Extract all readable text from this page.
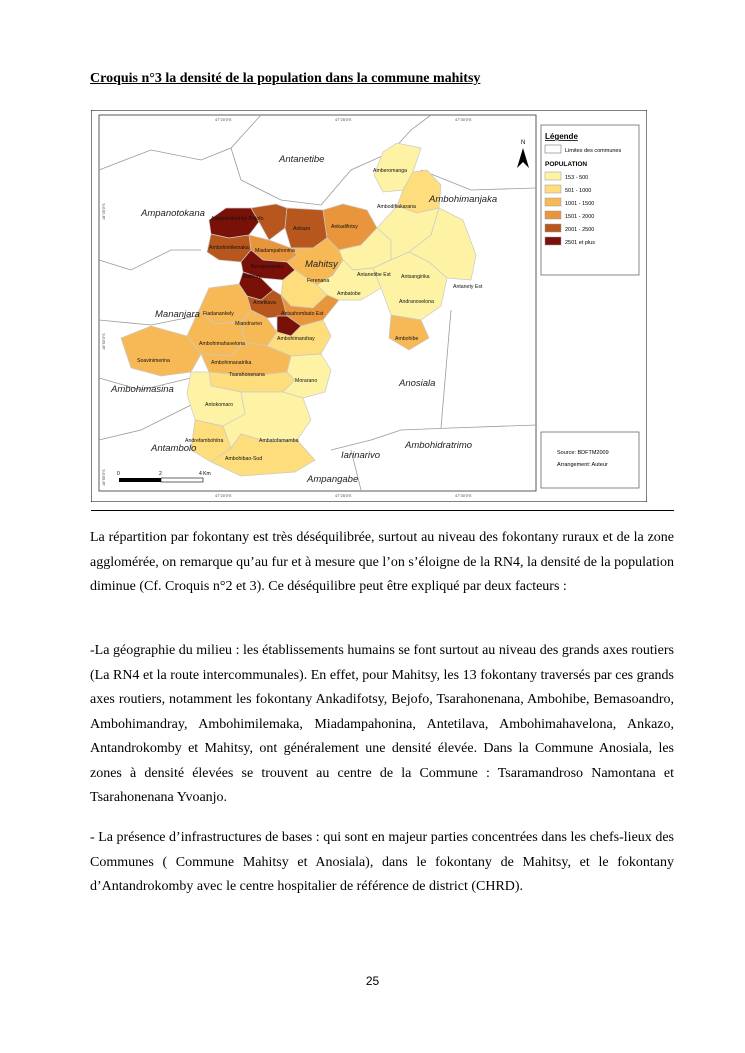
Croquis n°3 la densité de la population dans la commune mahitsy
Antanetibe
Ampanotokana
Ambohimanjaka
Mahitsy
Mananjara
Anosiala
Ambohimasina
Antambolo	Ambohidratrimo
Ampangabe
Iarinarivo
Amberomanga
Ambodifiakarana
Antandrokomby Bejofo
Ankazo	Ankadifotsy
Ambohimilemaka Miadampahonina
Bemasoandro
Mahitsy
Ferenana
Antanetibe Est Antsangirika
Antanety Est
Ambatobe
Andranovelona
Antetilava
Fiadanankely	Antsahombato Est
Miandrarivo
Ambohibe
Ambohimandray
Ambohimahavelona
Soavinimerina	Ambohimanatrika
Tsarahonenana
Morarano
Antokomaro
Andrefambohitra	Ambatofamamba
Ambohibao-Sud
47°20'0"E	47°25'0"E	47°30'0"E
47°20'0"E	47°25'0"E	47°30'0"E
18°45'0"S
18°50'0"S
18°55'0"S
N
0	2	4 Km
Légende
Limites des communes
POPULATION
153 - 500
501 - 1000
1001 - 1500
1501 - 2000
2001 - 2500
2501 et plus
Source: BDFTM2009
Arrangement: Auteur

La répartition par fokontany est très déséquilibrée, surtout au niveau des fokontany ruraux et de la zone agglomérée, on remarque qu’au fur et à mesure que l’on s’éloigne de la RN4, la densité de la population diminue (Cf. Croquis n°2 et 3). Ce déséquilibre peut être expliqué par deux facteurs :

-La géographie du milieu : les établissements humains se font surtout au niveau des grands axes routiers (La RN4 et la route intercommunales). En effet, pour Mahitsy, les 13 fokontany traversés par ces grands axes routiers, notamment les fokontany Ankadifotsy, Bejofo, Tsarahonenana, Ambohibe, Bemasoandro, Ambohimandray, Ambohimilemaka, Miadampahonina, Antetilava, Ambohimahavelona, Ankazo, Antandrokomby et Mahitsy, ont généralement une densité élevée. Dans la Commune Anosiala, les zones à densité élevées se trouvent au centre de la Commune : Tsaramandroso Namontana et Tsarahonenana Yvoanjo.

- La présence d’infrastructures de bases : qui sont en majeur parties concentrées dans les chefs-lieux des Communes ( Commune Mahitsy et Anosiala), dans le fokontany de Mahitsy, et le fokontany d’Antandrokomby avec le centre hospitalier de référence de district (CHRD).

25
